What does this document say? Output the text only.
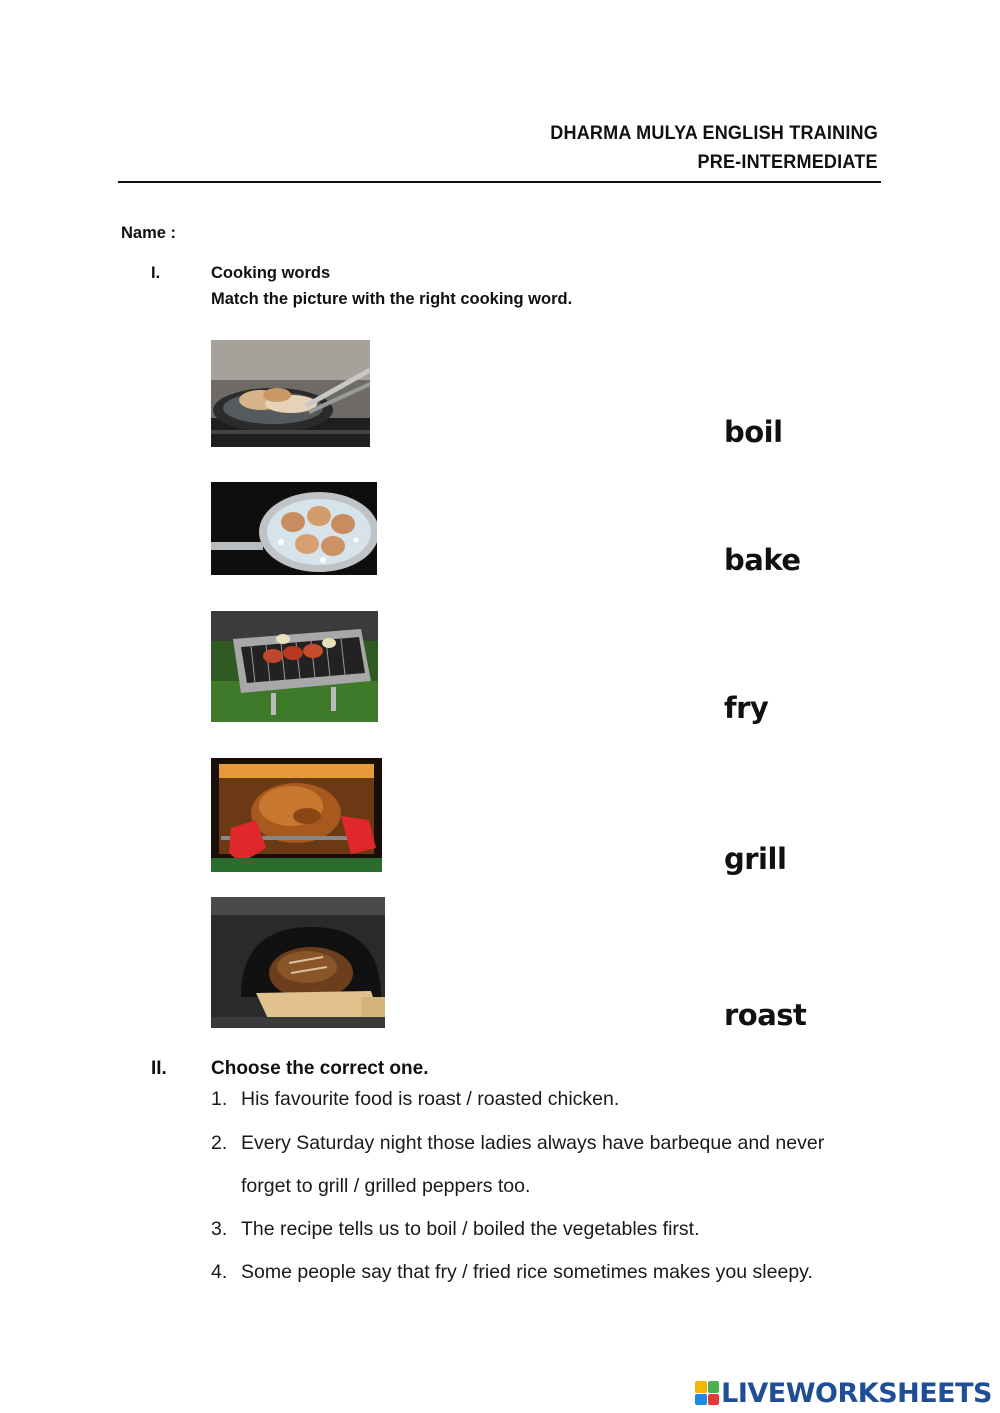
DHARMA MULYA ENGLISH TRAINING
PRE-INTERMEDIATE
Name :
I.	Cooking words
Match the picture with the right cooking word.
boil
bake
fry
grill
roast
II. Choose the correct one.
1. His favourite food is roast / roasted chicken.
2. Every Saturday night those ladies always have barbeque and never
forget to grill / grilled peppers too.
3. The recipe tells us to boil / boiled the vegetables first.
4. Some people say that fry / fried rice sometimes makes you sleepy.
LIVEWORKSHEETS
